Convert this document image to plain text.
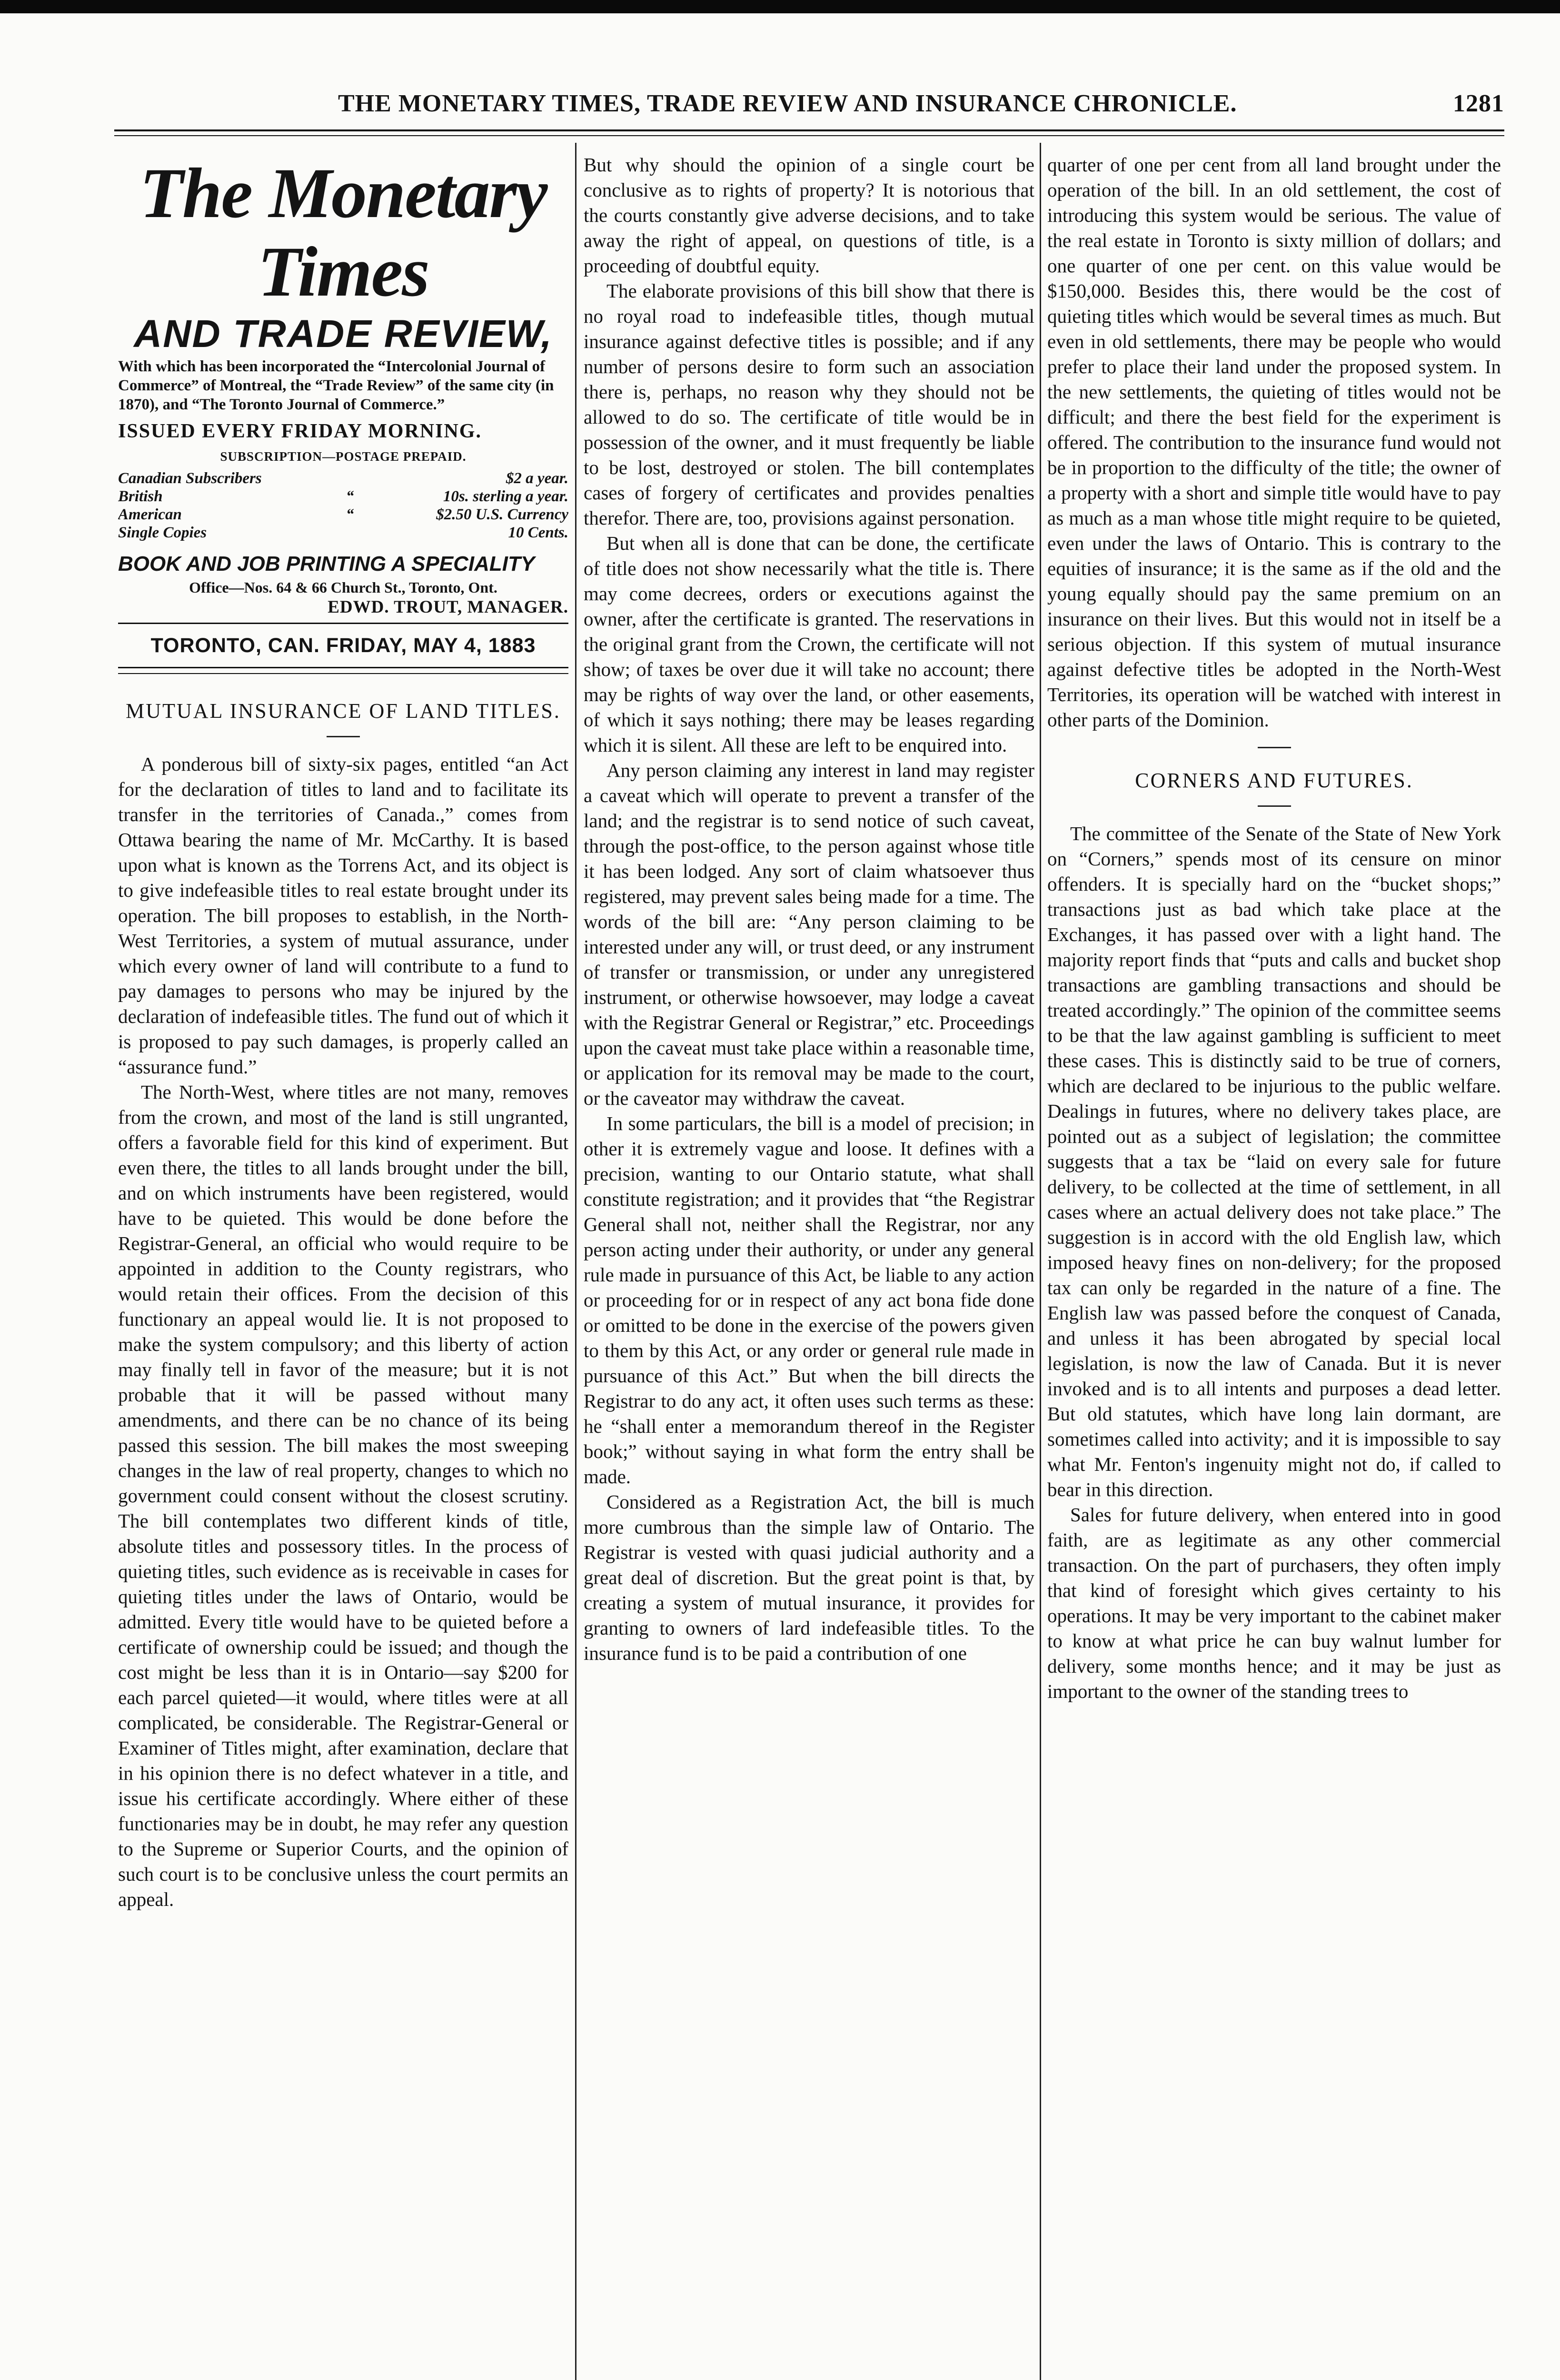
THE MONETARY TIMES, TRADE REVIEW AND INSURANCE CHRONICLE.	1281
The Monetary Times
AND TRADE REVIEW,
With which has been incorporated the “Intercolonial Journal of Commerce” of Montreal, the “Trade Review” of the same city (in 1870), and “The Toronto Journal of Commerce.”
ISSUED EVERY FRIDAY MORNING.
SUBSCRIPTION—POSTAGE PREPAID.
Canadian Subscribers		$2 a year.
British	“	10s. sterling a year.
American	“	$2.50 U.S. Currency
Single Copies		10 Cents.
BOOK AND JOB PRINTING A SPECIALITY
Office—Nos. 64 & 66 Church St., Toronto, Ont.
EDWD. TROUT, MANAGER.
TORONTO, CAN. FRIDAY, MAY 4, 1883
MUTUAL INSURANCE OF LAND TITLES.

A ponderous bill of sixty-six pages, entitled “an Act for the declaration of titles to land and to facilitate its transfer in the territories of Canada.,” comes from Ottawa bearing the name of Mr. McCarthy. It is based upon what is known as the Torrens Act, and its object is to give indefeasible titles to real estate brought under its operation. The bill proposes to establish, in the North-West Territories, a system of mutual assurance, under which every owner of land will contribute to a fund to pay damages to persons who may be injured by the declaration of indefeasible titles. The fund out of which it is proposed to pay such damages, is properly called an “assurance fund.”

The North-West, where titles are not many, removes from the crown, and most of the land is still ungranted, offers a favorable field for this kind of experiment. But even there, the titles to all lands brought under the bill, and on which instruments have been registered, would have to be quieted. This would be done before the Registrar-General, an official who would require to be appointed in addition to the County registrars, who would retain their offices. From the decision of this functionary an appeal would lie. It is not proposed to make the system compulsory; and this liberty of action may finally tell in favor of the measure; but it is not probable that it will be passed without many amendments, and there can be no chance of its being passed this session. The bill makes the most sweeping changes in the law of real property, changes to which no government could consent without the closest scrutiny. The bill contemplates two different kinds of title, absolute titles and possessory titles. In the process of quieting titles, such evidence as is receivable in cases for quieting titles under the laws of Ontario, would be admitted. Every title would have to be quieted before a certificate of ownership could be issued; and though the cost might be less than it is in Ontario—say $200 for each parcel quieted—it would, where titles were at all complicated, be considerable. The Registrar-General or Examiner of Titles might, after examination, declare that in his opinion there is no defect whatever in a title, and issue his certificate accordingly. Where either of these functionaries may be in doubt, he may refer any question to the Supreme or Superior Courts, and the opinion of such court is to be conclusive unless the court permits an appeal.

But why should the opinion of a single court be conclusive as to rights of property? It is notorious that the courts constantly give adverse decisions, and to take away the right of appeal, on questions of title, is a proceeding of doubtful equity.

The elaborate provisions of this bill show that there is no royal road to indefeasible titles, though mutual insurance against defective titles is possible; and if any number of persons desire to form such an association there is, perhaps, no reason why they should not be allowed to do so. The certificate of title would be in possession of the owner, and it must frequently be liable to be lost, destroyed or stolen. The bill contemplates cases of forgery of certificates and provides penalties therefor. There are, too, provisions against personation.

But when all is done that can be done, the certificate of title does not show necessarily what the title is. There may come decrees, orders or executions against the owner, after the certificate is granted. The reservations in the original grant from the Crown, the certificate will not show; of taxes be over due it will take no account; there may be rights of way over the land, or other easements, of which it says nothing; there may be leases regarding which it is silent. All these are left to be enquired into.

Any person claiming any interest in land may register a caveat which will operate to prevent a transfer of the land; and the registrar is to send notice of such caveat, through the post-office, to the person against whose title it has been lodged. Any sort of claim whatsoever thus registered, may prevent sales being made for a time. The words of the bill are: “Any person claiming to be interested under any will, or trust deed, or any instrument of transfer or transmission, or under any unregistered instrument, or otherwise howsoever, may lodge a caveat with the Registrar General or Registrar,” etc. Proceedings upon the caveat must take place within a reasonable time, or application for its removal may be made to the court, or the caveator may withdraw the caveat.

In some particulars, the bill is a model of precision; in other it is extremely vague and loose. It defines with a precision, wanting to our Ontario statute, what shall constitute registration; and it provides that “the Registrar General shall not, neither shall the Registrar, nor any person acting under their authority, or under any general rule made in pursuance of this Act, be liable to any action or proceeding for or in respect of any act bona fide done or omitted to be done in the exercise of the powers given to them by this Act, or any order or general rule made in pursuance of this Act.” But when the bill directs the Registrar to do any act, it often uses such terms as these: he “shall enter a memorandum thereof in the Register book;” without saying in what form the entry shall be made.

Considered as a Registration Act, the bill is much more cumbrous than the simple law of Ontario. The Registrar is vested with quasi judicial authority and a great deal of discretion. But the great point is that, by creating a system of mutual insurance, it provides for granting to owners of lard indefeasible titles. To the insurance fund is to be paid a contribution of one

quarter of one per cent from all land brought under the operation of the bill. In an old settlement, the cost of introducing this system would be serious. The value of the real estate in Toronto is sixty million of dollars; and one quarter of one per cent. on this value would be $150,000. Besides this, there would be the cost of quieting titles which would be several times as much. But even in old settlements, there may be people who would prefer to place their land under the proposed system. In the new settlements, the quieting of titles would not be difficult; and there the best field for the experiment is offered. The contribution to the insurance fund would not be in proportion to the difficulty of the title; the owner of a property with a short and simple title would have to pay as much as a man whose title might require to be quieted, even under the laws of Ontario. This is contrary to the equities of insurance; it is the same as if the old and the young equally should pay the same premium on an insurance on their lives. But this would not in itself be a serious objection. If this system of mutual insurance against defective titles be adopted in the North-West Territories, its operation will be watched with interest in other parts of the Dominion.

CORNERS AND FUTURES.

The committee of the Senate of the State of New York on “Corners,” spends most of its censure on minor offenders. It is specially hard on the “bucket shops;” transactions just as bad which take place at the Exchanges, it has passed over with a light hand. The majority report finds that “puts and calls and bucket shop transactions are gambling transactions and should be treated accordingly.” The opinion of the committee seems to be that the law against gambling is sufficient to meet these cases. This is distinctly said to be true of corners, which are declared to be injurious to the public welfare. Dealings in futures, where no delivery takes place, are pointed out as a subject of legislation; the committee suggests that a tax be “laid on every sale for future delivery, to be collected at the time of settlement, in all cases where an actual delivery does not take place.” The suggestion is in accord with the old English law, which imposed heavy fines on non-delivery; for the proposed tax can only be regarded in the nature of a fine. The English law was passed before the conquest of Canada, and unless it has been abrogated by special local legislation, is now the law of Canada. But it is never invoked and is to all intents and purposes a dead letter. But old statutes, which have long lain dormant, are sometimes called into activity; and it is impossible to say what Mr. Fenton's ingenuity might not do, if called to bear in this direction.

Sales for future delivery, when entered into in good faith, are as legitimate as any other commercial transaction. On the part of purchasers, they often imply that kind of foresight which gives certainty to his operations. It may be very important to the cabinet maker to know at what price he can buy walnut lumber for delivery, some months hence; and it may be just as important to the owner of the standing trees to
